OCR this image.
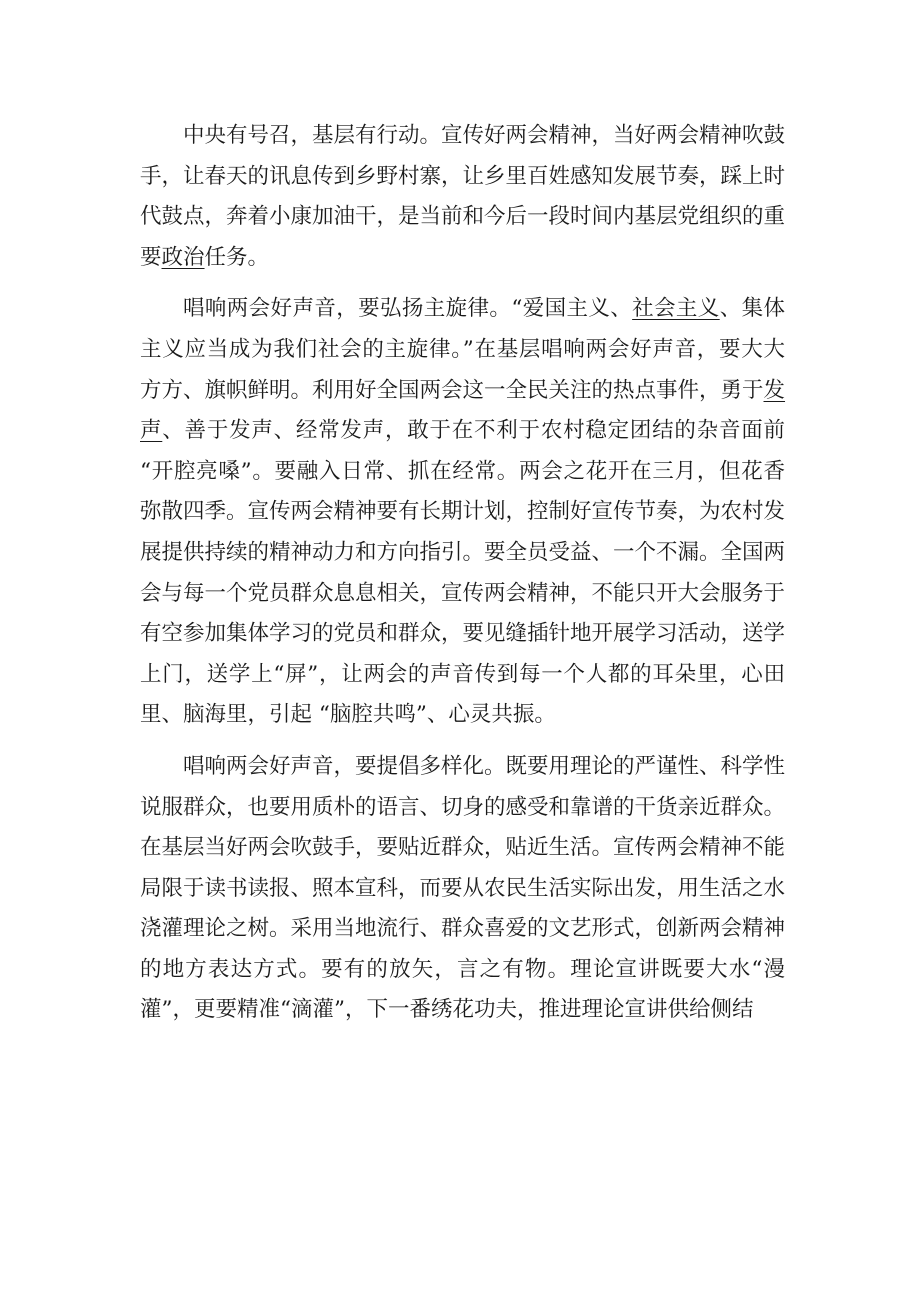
中央有号召，基层有行动。宣传好两会精神，当好两会精神吹鼓
手，让春天的讯息传到乡野村寨，让乡里百姓感知发展节奏，踩上时
代鼓点，奔着小康加油干，是当前和今后一段时间内基层党组织的重
要政治任务。
唱响两会好声音，要弘扬主旋律。“爱国主义、社会主义、集体
主义应当成为我们社会的主旋律。”在基层唱响两会好声音，要大大
方方、旗帜鲜明。利用好全国两会这一全民关注的热点事件，勇于发
声、善于发声、经常发声，敢于在不利于农村稳定团结的杂音面前
“开腔亮嗓”。要融入日常、抓在经常。两会之花开在三月，但花香
弥散四季。宣传两会精神要有长期计划，控制好宣传节奏，为农村发
展提供持续的精神动力和方向指引。要全员受益、一个不漏。全国两
会与每一个党员群众息息相关，宣传两会精神，不能只开大会服务于
有空参加集体学习的党员和群众，要见缝插针地开展学习活动，送学
上门，送学上“屏”，让两会的声音传到每一个人都的耳朵里，心田
里、脑海里，引起 “脑腔共鸣”、心灵共振。
唱响两会好声音，要提倡多样化。既要用理论的严谨性、科学性
说服群众，也要用质朴的语言、切身的感受和靠谱的干货亲近群众。
在基层当好两会吹鼓手，要贴近群众，贴近生活。宣传两会精神不能
局限于读书读报、照本宣科，而要从农民生活实际出发，用生活之水
浇灌理论之树。采用当地流行、群众喜爱的文艺形式，创新两会精神
的地方表达方式。要有的放矢，言之有物。理论宣讲既要大水“漫
灌”，更要精准“滴灌”，下一番绣花功夫，推进理论宣讲供给侧结
